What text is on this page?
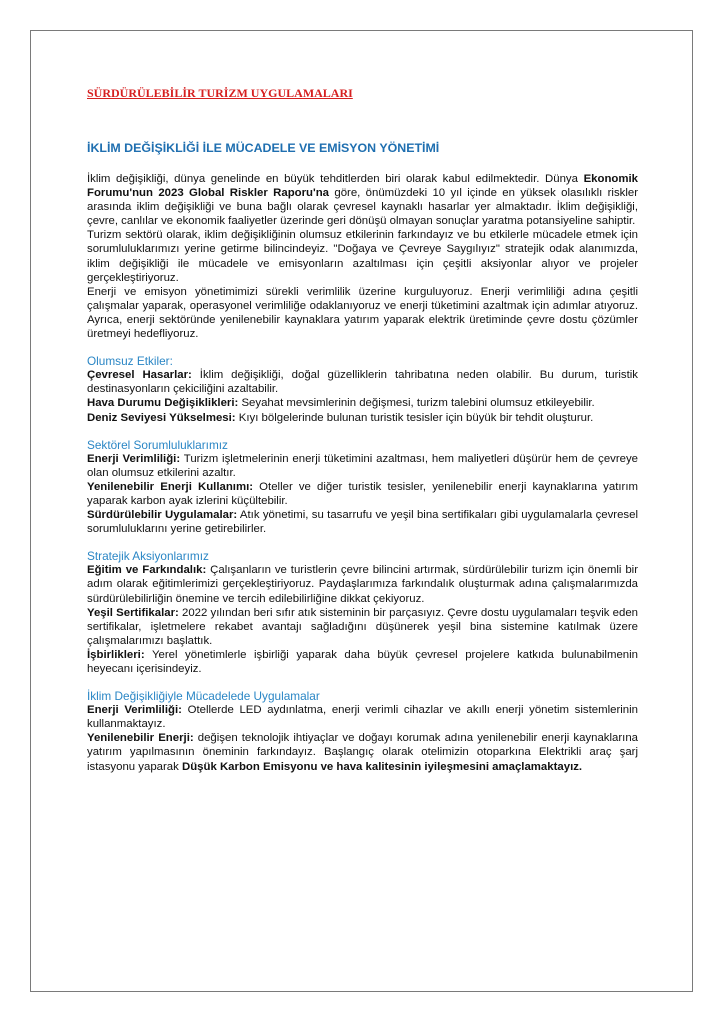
SÜRDÜRÜLEBİLİR TURİZM UYGULAMALARI
İKLİM DEĞİŞİKLİĞİ İLE MÜCADELE VE EMİSYON YÖNETİMİ

İklim değişikliği, dünya genelinde en büyük tehditlerden biri olarak kabul edilmektedir. Dünya Ekonomik Forumu'nun 2023 Global Riskler Raporu'na göre, önümüzdeki 10 yıl içinde en yüksek olasılıklı riskler arasında iklim değişikliği ve buna bağlı olarak çevresel kaynaklı hasarlar yer almaktadır. İklim değişikliği, çevre, canlılar ve ekonomik faaliyetler üzerinde geri dönüşü olmayan sonuçlar yaratma potansiyeline sahiptir.

Turizm sektörü olarak, iklim değişikliğinin olumsuz etkilerinin farkındayız ve bu etkilerle mücadele etmek için sorumluluklarımızı yerine getirme bilincindeyiz. "Doğaya ve Çevreye Saygılıyız" stratejik odak alanımızda, iklim değişikliği ile mücadele ve emisyonların azaltılması için çeşitli aksiyonlar alıyor ve projeler gerçekleştiriyoruz.

Enerji ve emisyon yönetimimizi sürekli verimlilik üzerine kurguluyoruz. Enerji verimliliği adına çeşitli çalışmalar yaparak, operasyonel verimliliğe odaklanıyoruz ve enerji tüketimini azaltmak için adımlar atıyoruz. Ayrıca, enerji sektöründe yenilenebilir kaynaklara yatırım yaparak elektrik üretiminde çevre dostu çözümler üretmeyi hedefliyoruz.

Olumsuz Etkiler:

Çevresel Hasarlar: İklim değişikliği, doğal güzelliklerin tahribatına neden olabilir. Bu durum, turistik destinasyonların çekiciliğini azaltabilir.

Hava Durumu Değişiklikleri: Seyahat mevsimlerinin değişmesi, turizm talebini olumsuz etkileyebilir.

Deniz Seviyesi Yükselmesi: Kıyı bölgelerinde bulunan turistik tesisler için büyük bir tehdit oluşturur.

Sektörel Sorumluluklarımız

Enerji Verimliliği: Turizm işletmelerinin enerji tüketimini azaltması, hem maliyetleri düşürür hem de çevreye olan olumsuz etkilerini azaltır.

Yenilenebilir Enerji Kullanımı: Oteller ve diğer turistik tesisler, yenilenebilir enerji kaynaklarına yatırım yaparak karbon ayak izlerini küçültebilir.

Sürdürülebilir Uygulamalar: Atık yönetimi, su tasarrufu ve yeşil bina sertifikaları gibi uygulamalarla çevresel sorumluluklarını yerine getirebilirler.

Stratejik Aksiyonlarımız

Eğitim ve Farkındalık: Çalışanların ve turistlerin çevre bilincini artırmak, sürdürülebilir turizm için önemli bir adım olarak eğitimlerimizi gerçekleştiriyoruz. Paydaşlarımıza farkındalık oluşturmak adına çalışmalarımızda sürdürülebilirliğin önemine ve tercih edilebilirliğine dikkat çekiyoruz.

Yeşil Sertifikalar: 2022 yılından beri sıfır atık sisteminin bir parçasıyız. Çevre dostu uygulamaları teşvik eden sertifikalar, işletmelere rekabet avantajı sağladığını düşünerek yeşil bina sistemine katılmak üzere çalışmalarımızı başlattık.

İşbirlikleri: Yerel yönetimlerle işbirliği yaparak daha büyük çevresel projelere katkıda bulunabilmenin heyecanı içerisindeyiz.

İklim Değişikliğiyle Mücadelede Uygulamalar

Enerji Verimliliği: Otellerde LED aydınlatma, enerji verimli cihazlar ve akıllı enerji yönetim sistemlerinin kullanmaktayız.

Yenilenebilir Enerji: değişen teknolojik ihtiyaçlar ve doğayı korumak adına yenilenebilir enerji kaynaklarına yatırım yapılmasının öneminin farkındayız. Başlangıç olarak otelimizin otoparkına Elektrikli araç şarj istasyonu yaparak Düşük Karbon Emisyonu ve hava kalitesinin iyileşmesini amaçlamaktayız.
